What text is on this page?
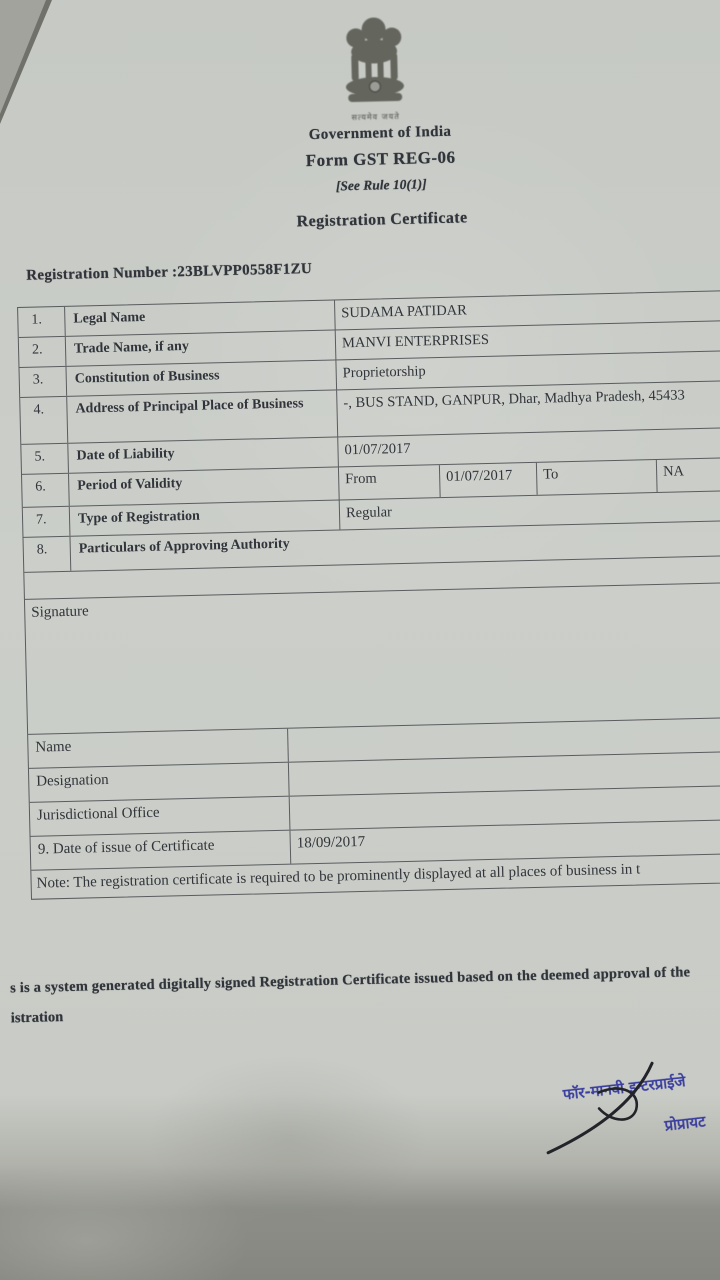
सत्यमेव जयते
Government of India
Form GST REG-06
[See Rule 10(1)]
Registration Certificate
Registration Number :23BLVPP0558F1ZU
1.	Legal Name	SUDAMA PATIDAR
2.	Trade Name, if any	MANVI ENTERPRISES
3.	Constitution of Business	Proprietorship
4.	Address of Principal Place of Business	-, BUS STAND, GANPUR, Dhar, Madhya Pradesh, 45433
5.	Date of Liability	01/07/2017
6.	Period of Validity	From	01/07/2017	To	NA
7.	Type of Registration	Regular
8.	Particulars of Approving Authority
Signature
Name
Designation
Jurisdictional Office
9. Date of issue of Certificate	18/09/2017
Note: The registration certificate is required to be prominently displayed at all places of business in t
s is a system generated digitally signed Registration Certificate issued based on the deemed approval of the
istration
फॉर-मानवी इन्टरप्राईजे
प्रोप्रायट
